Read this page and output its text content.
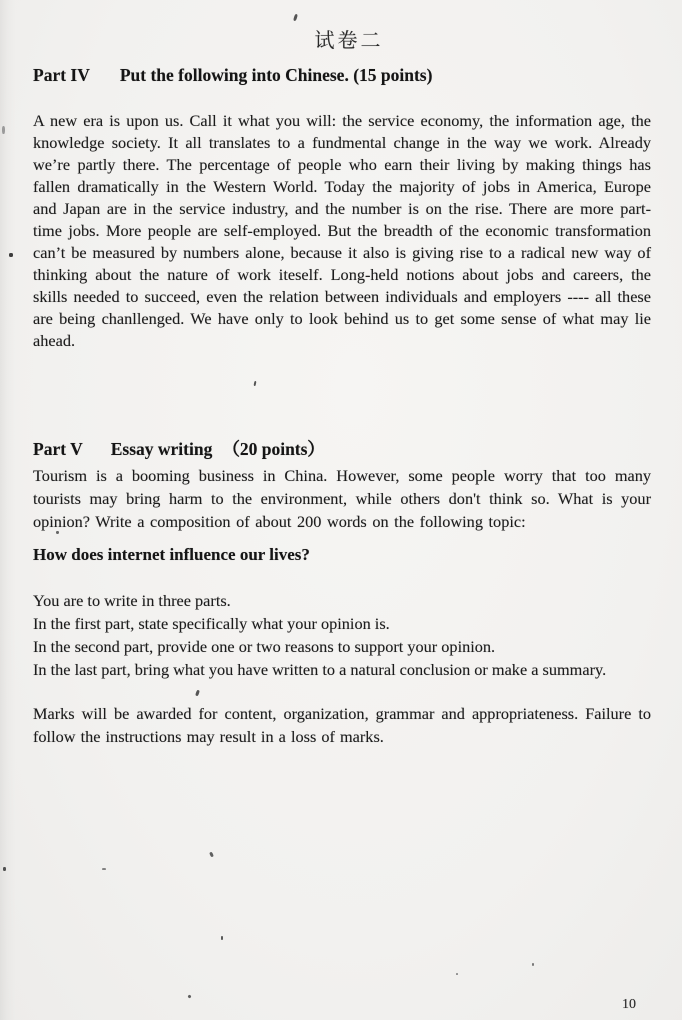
试卷二
Part IV Put the following into Chinese. (15 points)
A new era is upon us. Call it what you will: the service economy, the information age, the knowledge society. It all translates to a fundmental change in the way we work. Already we’re partly there. The percentage of people who earn their living by making things has fallen dramatically in the Western World. Today the majority of jobs in America, Europe and Japan are in the service industry, and the number is on the rise. There are more part-time jobs. More people are self-employed. But the breadth of the economic transformation can’t be measured by numbers alone, because it also is giving rise to a radical new way of thinking about the nature of work iteself. Long-held notions about jobs and careers, the skills needed to succeed, even the relation between individuals and employers ---- all these are being chanllenged. We have only to look behind us to get some sense of what may lie ahead.
Part V Essay writing （20 points）
Tourism is a booming business in China. However, some people worry that too many tourists may bring harm to the environment, while others don't think so. What is your opinion? Write a composition of about 200 words on the following topic:
How does internet influence our lives?
You are to write in three parts.
In the first part, state specifically what your opinion is.
In the second part, provide one or two reasons to support your opinion.
In the last part, bring what you have written to a natural conclusion or make a summary.
Marks will be awarded for content, organization, grammar and appropriateness. Failure to follow the instructions may result in a loss of marks.
10
